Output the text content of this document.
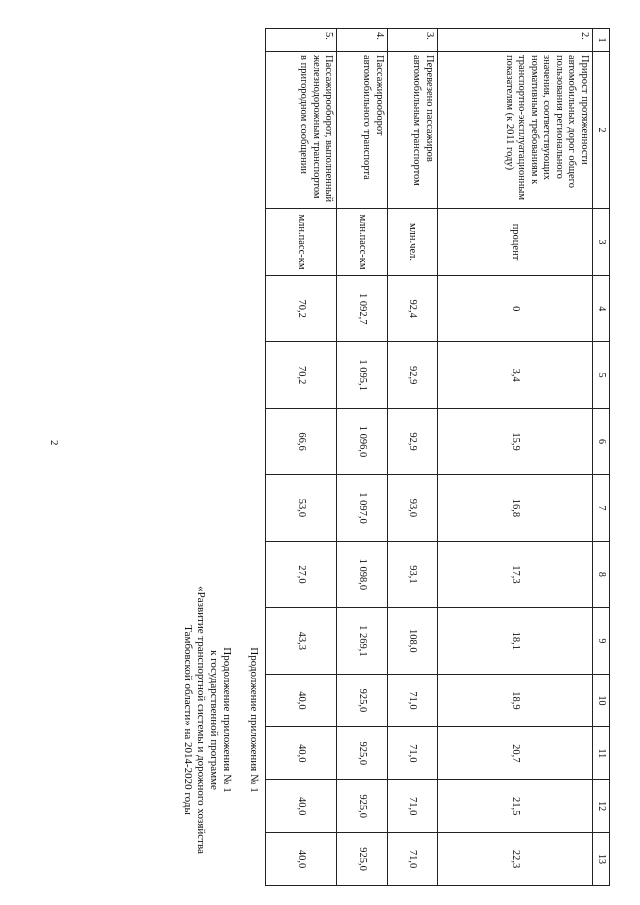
2
Продолжение приложения № 1
Продолжение приложения № 1
к государственной программе
«Развитие транспортной системы и дорожного хозяйства
Тамбовской области» на 2014-2020 годы
1	2	3	4	5	6	7	8	9	10	11	12	13
2.	Прирост протяженности автомобильных дорог общего пользования регионального значения, соответствующих нормативным требованиям к транспортно-эксплуатационным показателям (к 2011 году)	процент	0	3,4	15,9	16,8	17,3	18,1	18,9	20,7	21,5	22,3
3.	Перевезено пассажиров автомобильным транспортом	млн.чел.	92,4	92,9	92,9	93,0	93,1	108,0	71,0	71,0	71,0	71,0
4.	Пассажирооборот автомобильного транспорта	млн.пасс-км	1 092,7	1 095,1	1 096,0	1 097,0	1 098,0	1 269,1	925,0	925,0	925,0	925,0
5.	Пассажирооборот, выполненный железнодорожным транспортом в пригородном сообщении	млн.пасс-км	70,2	70,2	66,6	53,0	27,0	43,3	40,0	40,0	40,0	40,0
